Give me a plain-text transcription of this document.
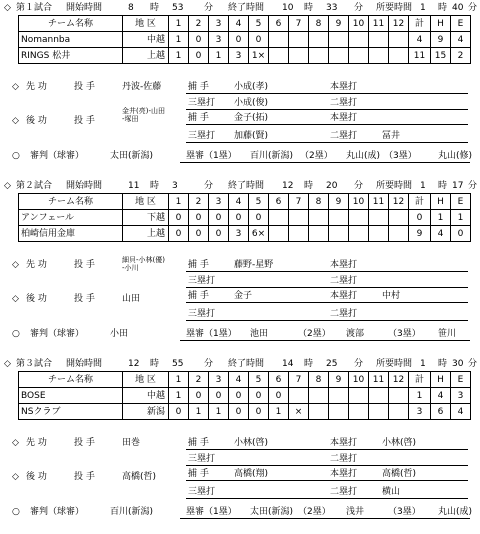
◇ 第１試合 開始時間	8 時 53 分 終了時間 10 時 33 分 所要時間 1 時 40 分
チーム名称	地 区	1	2	3	4	5	6	7	8	9	10	11	12	計	H	E
Nomannba	中越	1	0	3	0	0								4	9	4
RINGS 松井	上越	1	0	1	3	1×								11	15	2
◇ 第２試合 開始時間	11 時 3	分 終了時間 12 時 20 分 所要時間 1 時 17 分
チーム名称	地 区	1	2	3	4	5	6	7	8	9	10	11	12	計	H	E
アンフェール	下越	0	0	0	0	0								0	1	1
柏崎信用金庫	上越	0	0	0	3	6×								9	4	0
◇ 第３試合 開始時間	12 時 55 分 終了時間 14 時 25 分 所要時間 1 時 30 分
チーム名称	地 区	1	2	3	4	5	6	7	8	9	10	11	12	計	H	E
BOSE	中越	1	0	0	0	0	0							1	4	3
NSクラブ	新潟	0	1	1	0	0	1	×						3	6	4
◇ 先 功	投 手	丹波-佐藤	捕 手	小成(孝)	本塁打
三塁打 小成(俊)	二塁打
◇ 後 功	投 手
金井(亮)-山田
-塚田	捕 手	金子(拓)	本塁打
三塁打 加藤(賢)	二塁打	冨井
○ 審判（球審）	太田(新潟)	塁審（1塁） 百川(新潟) （2塁）	（3塁）
丸山(成)	丸山(修)
◇ 先 功	投 手	細貝-小林(優)
-小川	捕 手	藤野-星野	本塁打
三塁打	二塁打
◇ 後 功	投 手	山田	捕 手	金子	本塁打	中村
三塁打	二塁打
○ 審判（球審）	小田	塁審（1塁） 池田	（2塁） 渡部	（3塁） 笹川
◇ 先 功	投 手	田巻	捕 手	小林(啓)	本塁打	小林(啓)
三塁打	二塁打
◇ 後 功	投 手	高橋(哲)	捕 手	高橋(翔)	本塁打	高橋(哲)
三塁打	二塁打	横山
○ 審判（球審）	百川(新潟)	塁審（1塁） 太田(新潟) （2塁） 浅井	（3塁） 丸山(成)
